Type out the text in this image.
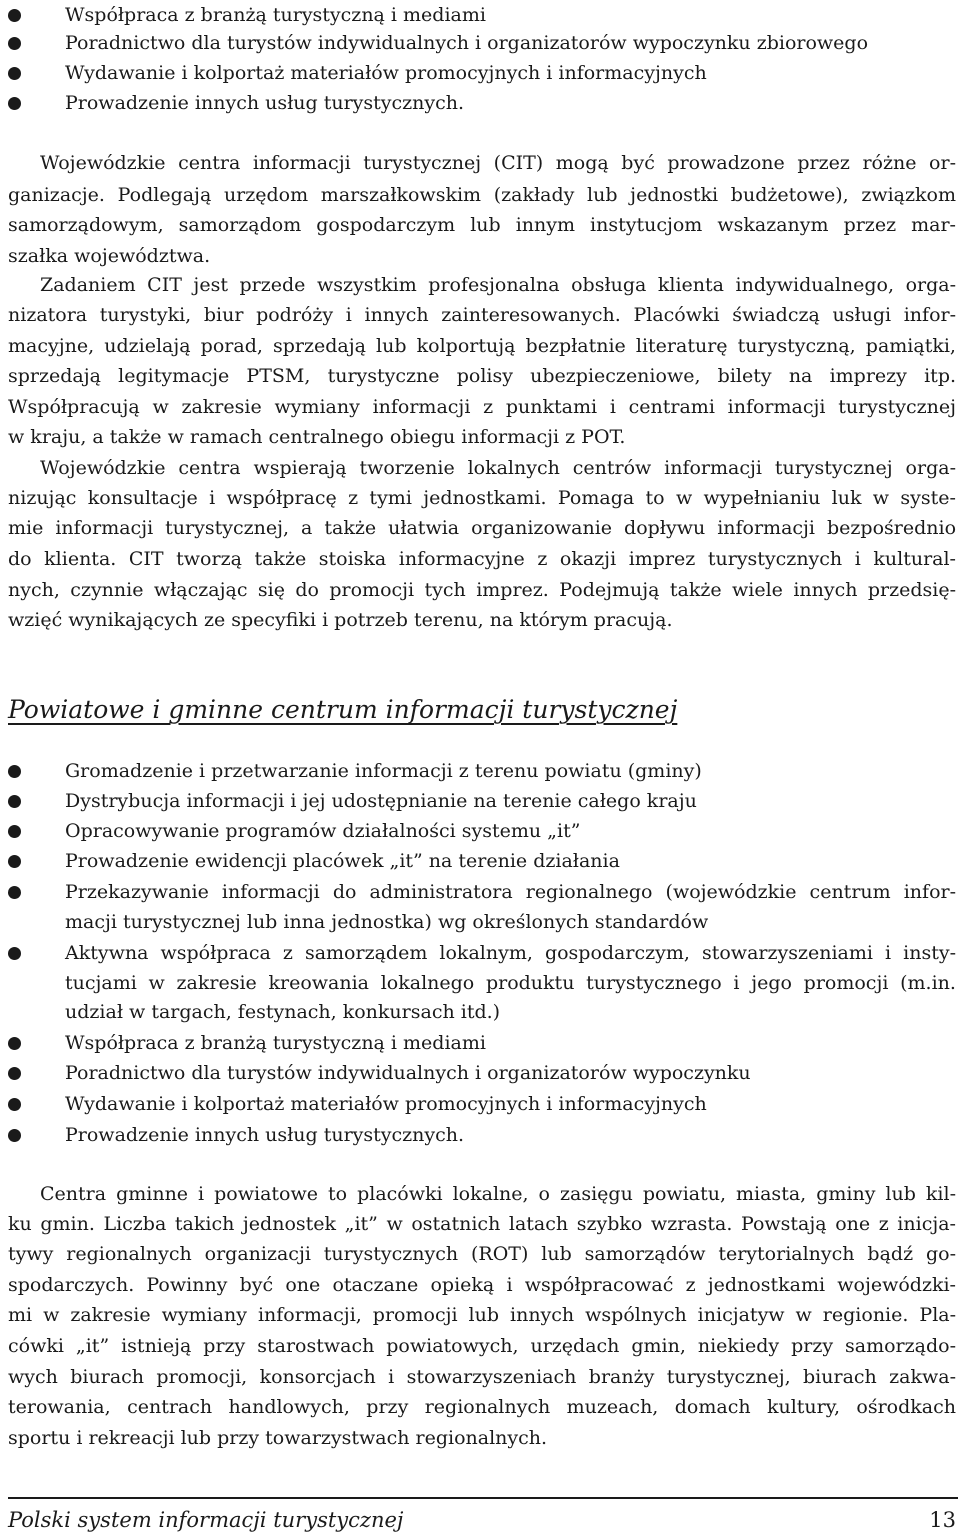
Współpraca z branżą turystyczną i mediami
Poradnictwo dla turystów indywidualnych i organizatorów wypoczynku zbiorowego
Wydawanie i kolportaż materiałów promocyjnych i informacyjnych
Prowadzenie innych usług turystycznych.
Wojewódzkie centra informacji turystycznej (CIT) mogą być prowadzone przez różne or-
ganizacje. Podlegają urzędom marszałkowskim (zakłady lub jednostki budżetowe), związkom
samorządowym, samorządom gospodarczym lub innym instytucjom wskazanym przez mar-
szałka województwa.
Zadaniem CIT jest przede wszystkim profesjonalna obsługa klienta indywidualnego, orga-
nizatora turystyki, biur podróży i innych zainteresowanych. Placówki świadczą usługi infor-
macyjne, udzielają porad, sprzedają lub kolportują bezpłatnie literaturę turystyczną, pamiątki,
sprzedają legitymacje PTSM, turystyczne polisy ubezpieczeniowe, bilety na imprezy itp.
Współpracują w zakresie wymiany informacji z punktami i centrami informacji turystycznej
w kraju, a także w ramach centralnego obiegu informacji z POT.
Wojewódzkie centra wspierają tworzenie lokalnych centrów informacji turystycznej orga-
nizując konsultacje i współpracę z tymi jednostkami. Pomaga to w wypełnianiu luk w syste-
mie informacji turystycznej, a także ułatwia organizowanie dopływu informacji bezpośrednio
do klienta. CIT tworzą także stoiska informacyjne z okazji imprez turystycznych i kultural-
nych, czynnie włączając się do promocji tych imprez. Podejmują także wiele innych przedsię-
wzięć wynikających ze specyfiki i potrzeb terenu, na którym pracują.
Gromadzenie i przetwarzanie informacji z terenu powiatu (gminy)
Dystrybucja informacji i jej udostępnianie na terenie całego kraju
Opracowywanie programów działalności systemu „it”
Prowadzenie ewidencji placówek „it” na terenie działania
Przekazywanie informacji do administratora regionalnego (wojewódzkie centrum infor-
macji turystycznej lub inna jednostka) wg określonych standardów
Aktywna współpraca z samorządem lokalnym, gospodarczym, stowarzyszeniami i insty-
tucjami w zakresie kreowania lokalnego produktu turystycznego i jego promocji (m.in.
udział w targach, festynach, konkursach itd.)
Współpraca z branżą turystyczną i mediami
Poradnictwo dla turystów indywidualnych i organizatorów wypoczynku
Wydawanie i kolportaż materiałów promocyjnych i informacyjnych
Prowadzenie innych usług turystycznych.
Centra gminne i powiatowe to placówki lokalne, o zasięgu powiatu, miasta, gminy lub kil-
ku gmin. Liczba takich jednostek „it” w ostatnich latach szybko wzrasta. Powstają one z inicja-
tywy regionalnych organizacji turystycznych (ROT) lub samorządów terytorialnych bądź go-
spodarczych. Powinny być one otaczane opieką i współpracować z jednostkami wojewódzki-
mi w zakresie wymiany informacji, promocji lub innych wspólnych inicjatyw w regionie. Pla-
cówki „it” istnieją przy starostwach powiatowych, urzędach gmin, niekiedy przy samorządo-
wych biurach promocji, konsorcjach i stowarzyszeniach branży turystycznej, biurach zakwa-
terowania, centrach handlowych, przy regionalnych muzeach, domach kultury, ośrodkach
sportu i rekreacji lub przy towarzystwach regionalnych.
Powiatowe i gminne centrum informacji turystycznej
Polski system informacji turystycznej	13
